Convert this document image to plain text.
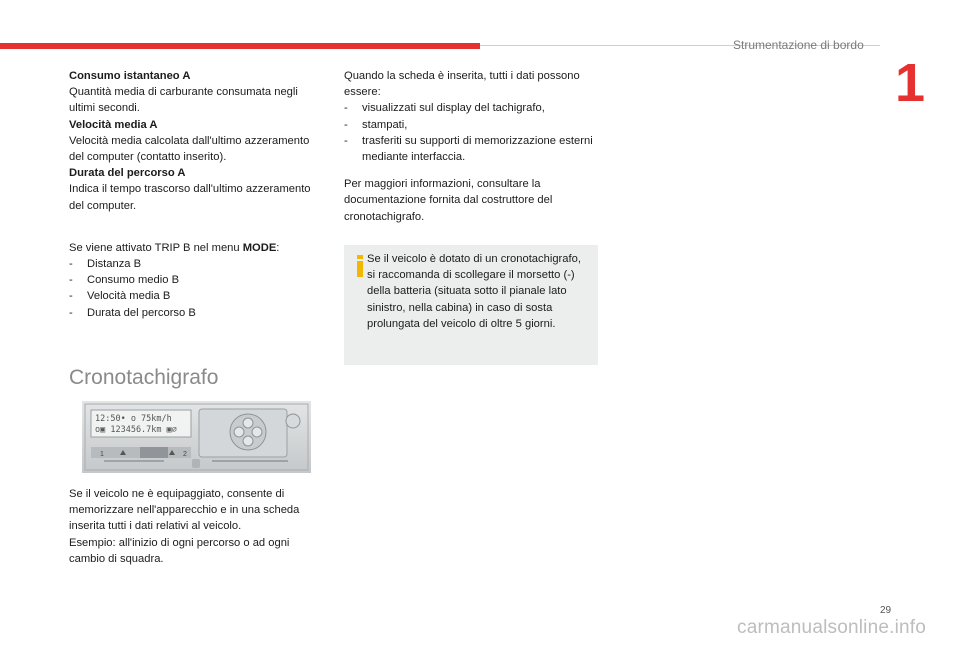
Strumentazione di bordo
1

Consumo istantaneo A

Quantità media di carburante consumata negli ultimi secondi.

Velocità media A

Velocità media calcolata dall'ultimo azzeramento del computer (contatto inserito).

Durata del percorso A

Indica il tempo trascorso dall'ultimo azzeramento del computer.

Se viene attivato TRIP B nel menu MODE:

- Distanza B
- Consumo medio B
- Velocità media B
- Durata del percorso B
Cronotachigrafo
12:50• o 75km/h
o▣ 123456.7km ▣⌀
1	2

Se il veicolo ne è equipaggiato, consente di memorizzare nell'apparecchio e in una scheda inserita tutti i dati relativi al veicolo.

Esempio: all'inizio di ogni percorso o ad ogni cambio di squadra.

Quando la scheda è inserita, tutti i dati possono essere:

- visualizzati sul display del tachigrafo,
- stampati,
- trasferiti su supporti di memorizzazione esterni mediante interfaccia.

Per maggiori informazioni, consultare la documentazione fornita dal costruttore del cronotachigrafo.

Se il veicolo è dotato di un cronotachigrafo, si raccomanda di scollegare il morsetto (-) della batteria (situata sotto il pianale lato sinistro, nella cabina) in caso di sosta prolungata del veicolo di oltre 5 giorni.
29
carmanualsonline.info
